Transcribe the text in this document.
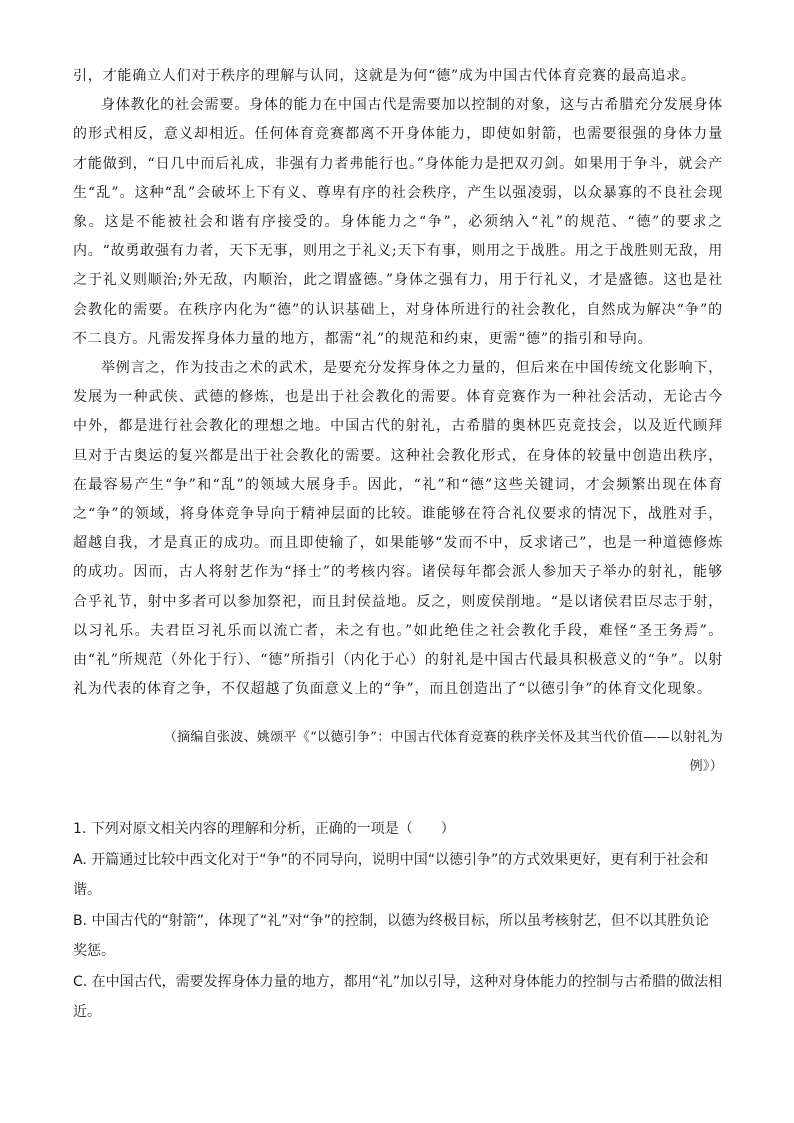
引，才能确立人们对于秩序的理解与认同，这就是为何“德”成为中国古代体育竞赛的最高追求。

身体教化的社会需要。身体的能力在中国古代是需要加以控制的对象，这与古希腊充分发展身体的形式相反，意义却相近。任何体育竞赛都离不开身体能力，即使如射箭，也需要很强的身体力量才能做到，“日几中而后礼成，非强有力者弗能行也。”身体能力是把双刃剑。如果用于争斗，就会产生“乱”。这种“乱”会破坏上下有义、尊卑有序的社会秩序，产生以强凌弱，以众暴寡的不良社会现象。这是不能被社会和谐有序接受的。身体能力之“争”，必须纳入“礼”的规范、“德”的要求之内。“故勇敢强有力者，天下无事，则用之于礼义;天下有事，则用之于战胜。用之于战胜则无敌，用之于礼义则顺治;外无敌，内顺治，此之谓盛德。”身体之强有力，用于行礼义，才是盛德。这也是社会教化的需要。在秩序内化为“德”的认识基础上，对身体所进行的社会教化，自然成为解决“争”的不二良方。凡需发挥身体力量的地方，都需“礼”的规范和约束，更需“德”的指引和导向。

举例言之，作为技击之术的武术，是要充分发挥身体之力量的，但后来在中国传统文化影响下，发展为一种武侠、武德的修炼，也是出于社会教化的需要。体育竞赛作为一种社会活动，无论古今中外，都是进行社会教化的理想之地。中国古代的射礼，古希腊的奥林匹克竞技会，以及近代顾拜旦对于古奥运的复兴都是出于社会教化的需要。这种社会教化形式，在身体的较量中创造出秩序，在最容易产生“争”和“乱”的领域大展身手。因此，“礼”和“德”这些关键词，才会频繁出现在体育之“争”的领域，将身体竞争导向于精神层面的比较。谁能够在符合礼仪要求的情况下，战胜对手，超越自我，才是真正的成功。而且即使输了，如果能够“发而不中，反求诸己”，也是一种道德修炼的成功。因而，古人将射艺作为“择士”的考核内容。诸侯每年都会派人参加天子举办的射礼，能够合乎礼节，射中多者可以参加祭祀，而且封侯益地。反之，则废侯削地。“是以诸侯君臣尽志于射，以习礼乐。夫君臣习礼乐而以流亡者，未之有也。”如此绝佳之社会教化手段，难怪“圣王务焉”。由“礼”所规范（外化于行）、“德”所指引（内化于心）的射礼是中国古代最具积极意义的“争”。以射礼为代表的体育之争，不仅超越了负面意义上的“争”，而且创造出了“以德引争”的体育文化现象。

（摘编自张波、姚颂平《“以德引争”：中国古代体育竞赛的秩序关怀及其当代价值——以射礼为例》）

1. 下列对原文相关内容的理解和分析，正确的一项是（　　）

A. 开篇通过比较中西文化对于“争”的不同导向，说明中国“以德引争”的方式效果更好，更有利于社会和谐。

B. 中国古代的“射箭”，体现了“礼”对“争”的控制，以德为终极目标，所以虽考核射艺，但不以其胜负论奖惩。

C. 在中国古代，需要发挥身体力量的地方，都用“礼”加以引导，这种对身体能力的控制与古希腊的做法相近。
